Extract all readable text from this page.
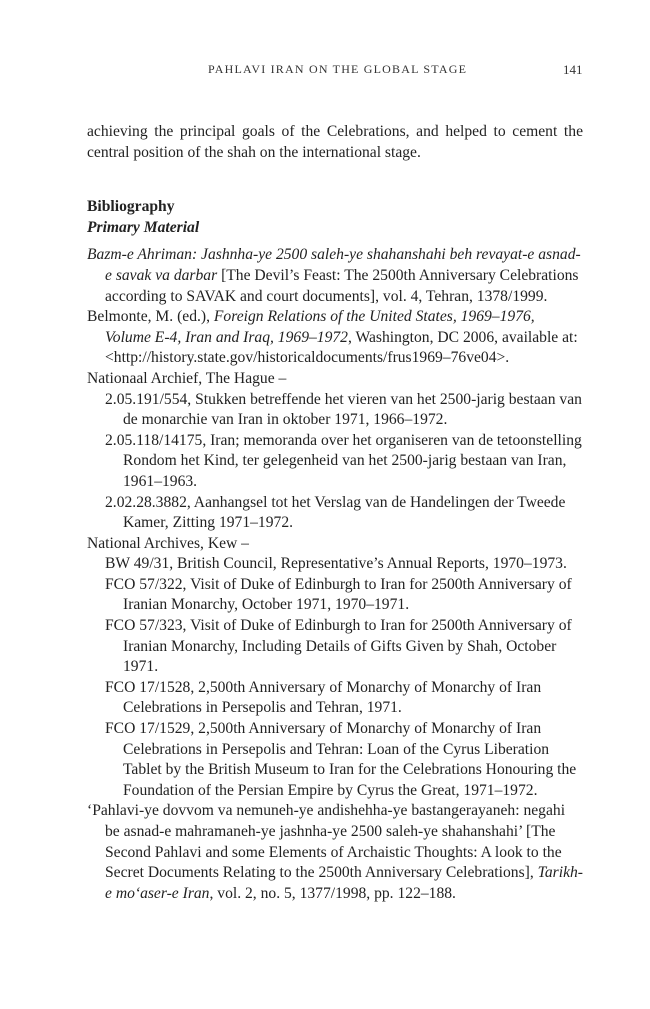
PAHLAVI IRAN ON THE GLOBAL STAGE	141

achieving the principal goals of the Celebrations, and helped to cement the central position of the shah on the international stage.

Bibliography
Primary Material

Bazm-e Ahriman: Jashnha-ye 2500 saleh-ye shahanshahi beh revayat-e asnad-e savak va darbar [The Devil’s Feast: The 2500th Anniversary Celebrations according to SAVAK and court documents], vol. 4, Tehran, 1378/1999.

Belmonte, M. (ed.), Foreign Relations of the United States, 1969–1976, Volume E-4, Iran and Iraq, 1969–1972, Washington, DC 2006, available at: <http://history.state.gov/historicaldocuments/frus1969–76ve04>.

Nationaal Archief, The Hague –

2.05.191/554, Stukken betreffende het vieren van het 2500-jarig bestaan van de monarchie van Iran in oktober 1971, 1966–1972.

2.05.118/14175, Iran; memoranda over het organiseren van de tetoonstelling Rondom het Kind, ter gelegenheid van het 2500-jarig bestaan van Iran, 1961–1963.

2.02.28.3882, Aanhangsel tot het Verslag van de Handelingen der Tweede Kamer, Zitting 1971–1972.

National Archives, Kew –

BW 49/31, British Council, Representative’s Annual Reports, 1970–1973.

FCO 57/322, Visit of Duke of Edinburgh to Iran for 2500th Anniversary of Iranian Monarchy, October 1971, 1970–1971.

FCO 57/323, Visit of Duke of Edinburgh to Iran for 2500th Anniversary of Iranian Monarchy, Including Details of Gifts Given by Shah, October 1971.

FCO 17/1528, 2,500th Anniversary of Monarchy of Monarchy of Iran Celebrations in Persepolis and Tehran, 1971.

FCO 17/1529, 2,500th Anniversary of Monarchy of Monarchy of Iran Celebrations in Persepolis and Tehran: Loan of the Cyrus Liberation Tablet by the British Museum to Iran for the Celebrations Honouring the Foundation of the Persian Empire by Cyrus the Great, 1971–1972.

‘Pahlavi-ye dovvom va nemuneh-ye andishehha-ye bastangerayaneh: negahi be asnad-e mahramaneh-ye jashnha-ye 2500 saleh-ye shahanshahi’ [The Second Pahlavi and some Elements of Archaistic Thoughts: A look to the Secret Documents Relating to the 2500th Anniversary Celebrations], Tarikh-e mo‘aser-e Iran, vol. 2, no. 5, 1377/1998, pp. 122–188.
